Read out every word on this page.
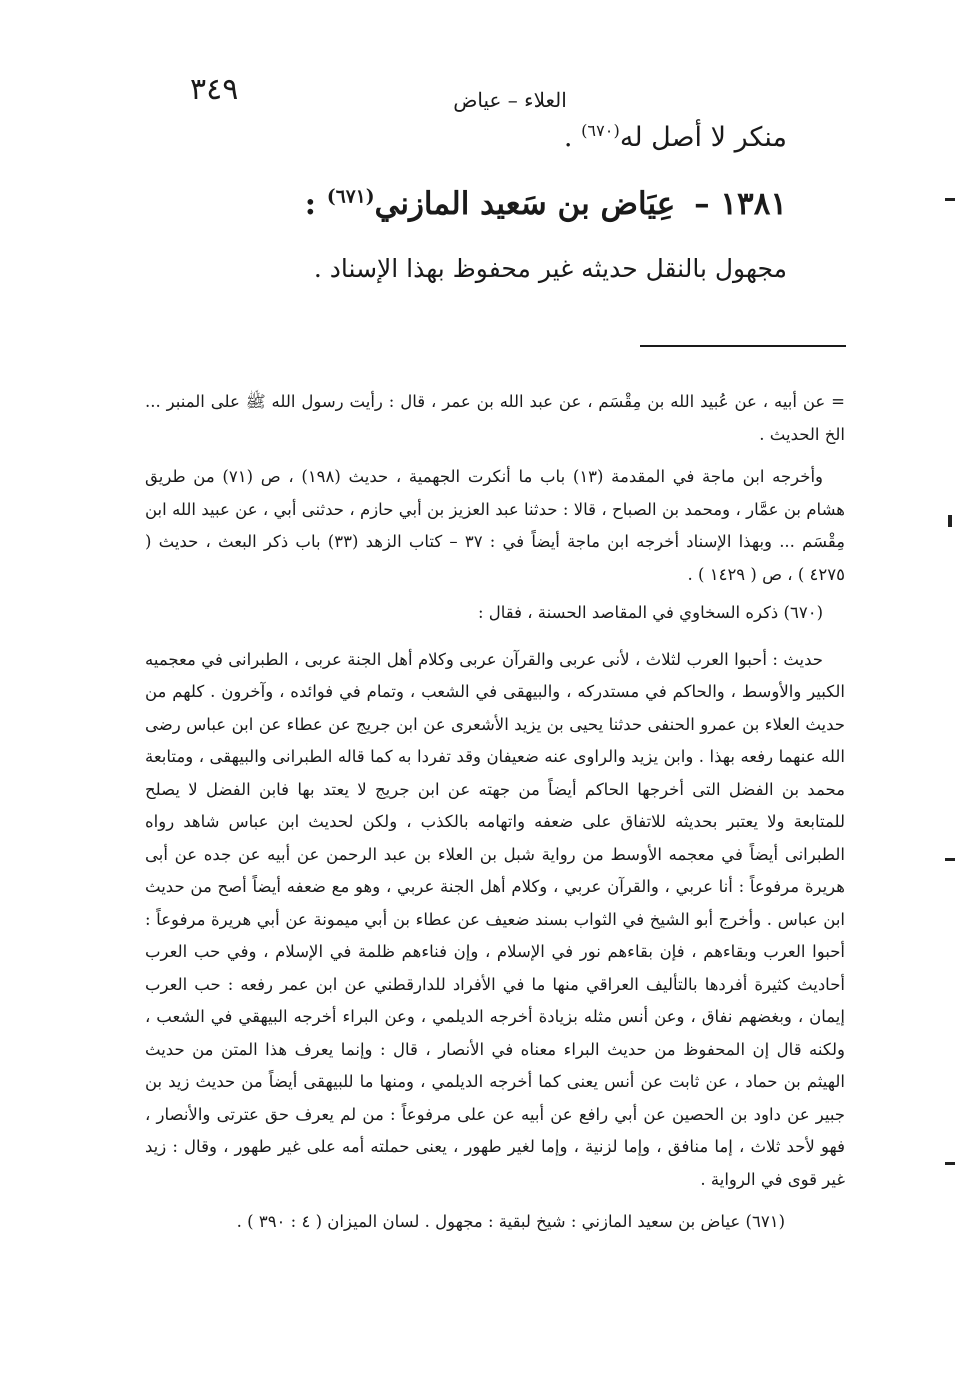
٣٤٩	العلاء – عياض
منكر لا أصل له$^{(٦٧٠)}$ .
١٣٨١ – عِيَاض بن سَعيد المازني$^{(٦٧١)}$ :
مجهول بالنقل حديثه غير محفوظ بهذا الإسناد .

= عن أبيه ، عن عُبيد الله بن مِقْسَم ، عن عبد الله بن عمر ، قال : رأيت رسول الله ﷺ على المنبر ... الخ الحديث .

وأخرجه ابن ماجة في المقدمة (١٣) باب ما أنكرت الجهمية ، حديث (١٩٨) ، ص (٧١) من طريق هشام بن عمَّار ، ومحمد بن الصباح ، قالا : حدثنا عبد العزيز بن أبي حازم ، حدثنى أبي ، عن عبيد الله ابن مِقْسَم ... وبهذا الإسناد أخرجه ابن ماجة أيضاً في : ٣٧ – كتاب الزهد (٣٣) باب ذكر البعث ، حديث ( ٤٢٧٥ ) ، ص ( ١٤٢٩ ) .

(٦٧٠) ذكره السخاوي في المقاصد الحسنة ، فقال :

حديث : أحبوا العرب لثلاث ، لأنى عربى والقرآن عربى وكلام أهل الجنة عربى ، الطبرانى في معجميه الكبير والأوسط ، والحاكم في مستدركه ، والبيهقى في الشعب ، وتمام في فوائده ، وآخرون . كلهم من حديث العلاء بن عمرو الحنفى حدثنا يحيى بن يزيد الأشعرى عن ابن جريج عن عطاء عن ابن عباس رضى الله عنهما رفعه بهذا . وابن يزيد والراوى عنه ضعيفان وقد تفردا به كما قاله الطبرانى والبيهقى ، ومتابعة محمد بن الفضل التى أخرجها الحاكم أيضاً من جهته عن ابن جريج لا يعتد بها فابن الفضل لا يصلح للمتابعة ولا يعتبر بحديثه للاتفاق على ضعفه واتهامه بالكذب ، ولكن لحديث ابن عباس شاهد رواه الطبرانى أيضاً في معجمه الأوسط من رواية شبل بن العلاء بن عبد الرحمن عن أبيه عن جده عن أبى هريرة مرفوعاً : أنا عربي ، والقرآن عربي ، وكلام أهل الجنة عربي ، وهو مع ضعفه أيضاً أصح من حديث ابن عباس . وأخرج أبو الشيخ في الثواب بسند ضعيف عن عطاء بن أبي ميمونة عن أبي هريرة مرفوعاً : أحبوا العرب وبقاءهم ، فإن بقاءهم نور في الإسلام ، وإن فناءهم ظلمة في الإسلام ، وفي حب العرب أحاديث كثيرة أفردها بالتأليف العراقي منها ما في الأفراد للدارقطني عن ابن عمر رفعه : حب العرب إيمان ، وبغضهم نفاق ، وعن أنس مثله بزيادة أخرجه الديلمي ، وعن البراء أخرجه البيهقي في الشعب ، ولكنه قال إن المحفوظ من حديث البراء معناه في الأنصار ، قال : وإنما يعرف هذا المتن من حديث الهيثم بن حماد ، عن ثابت عن أنس يعنى كما أخرجه الديلمي ، ومنها ما للبيهقى أيضاً من حديث زيد بن جبير عن داود بن الحصين عن أبي رافع عن أبيه عن على مرفوعاً : من لم يعرف حق عترتى والأنصار ، فهو لأحد ثلاث ، إما منافق ، وإما لزنية ، وإما لغير طهور ، يعنى حملته أمه على غير طهور ، وقال : زيد غير قوى في الرواية .

(٦٧١) عياض بن سعيد المازني : شيخ لبقية : مجهول . لسان الميزان ( ٤ : ٣٩٠ ) .
